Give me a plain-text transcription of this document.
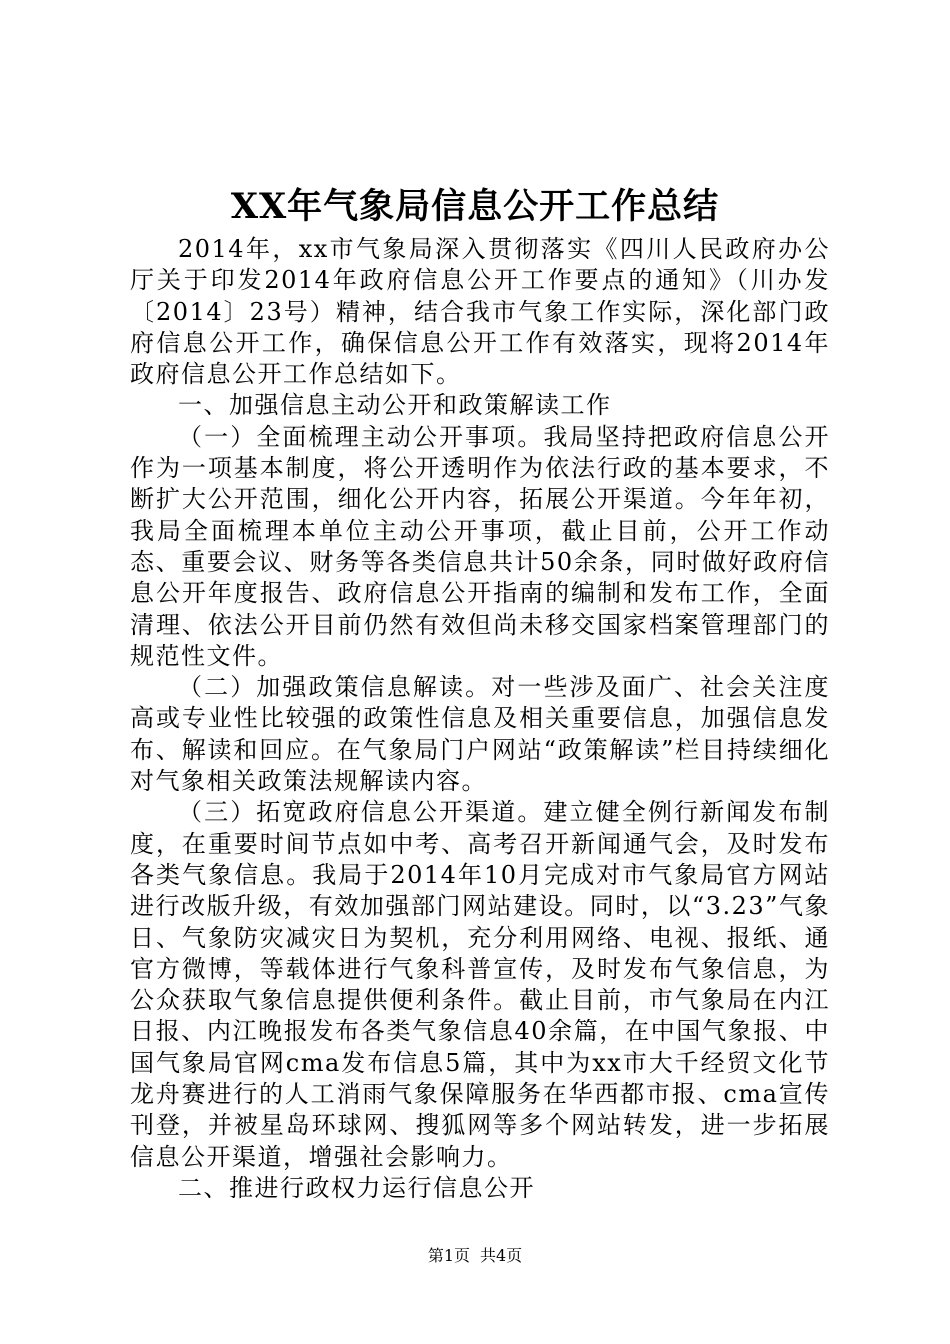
XX年气象局信息公开工作总结

2014年，xx市气象局深入贯彻落实《四川人民政府办公厅关于印发2014年政府信息公开工作要点的通知》（川办发〔2014〕23号）精神，结合我市气象工作实际，深化部门政府信息公开工作，确保信息公开工作有效落实，现将2014年政府信息公开工作总结如下。

一、加强信息主动公开和政策解读工作

（一）全面梳理主动公开事项。我局坚持把政府信息公开作为一项基本制度，将公开透明作为依法行政的基本要求，不断扩大公开范围，细化公开内容，拓展公开渠道。今年年初，我局全面梳理本单位主动公开事项，截止目前，公开工作动态、重要会议、财务等各类信息共计50余条，同时做好政府信息公开年度报告、政府信息公开指南的编制和发布工作，全面清理、依法公开目前仍然有效但尚未移交国家档案管理部门的规范性文件。

（二）加强政策信息解读。对一些涉及面广、社会关注度高或专业性比较强的政策性信息及相关重要信息，加强信息发布、解读和回应。在气象局门户网站“政策解读”栏目持续细化对气象相关政策法规解读内容。

（三）拓宽政府信息公开渠道。建立健全例行新闻发布制度，在重要时间节点如中考、高考召开新闻通气会，及时发布各类气象信息。我局于2014年10月完成对市气象局官方网站进行改版升级，有效加强部门网站建设。同时，以“3.23”气象日、气象防灾减灾日为契机，充分利用网络、电视、报纸、通官方微博，等载体进行气象科普宣传，及时发布气象信息，为公众获取气象信息提供便利条件。截止目前，市气象局在内江日报、内江晚报发布各类气象信息40余篇，在中国气象报、中国气象局官网cma发布信息5篇，其中为xx市大千经贸文化节龙舟赛进行的人工消雨气象保障服务在华西都市报、cma宣传刊登，并被星岛环球网、搜狐网等多个网站转发，进一步拓展信息公开渠道，增强社会影响力。

二、推进行政权力运行信息公开

第1页 共4页
